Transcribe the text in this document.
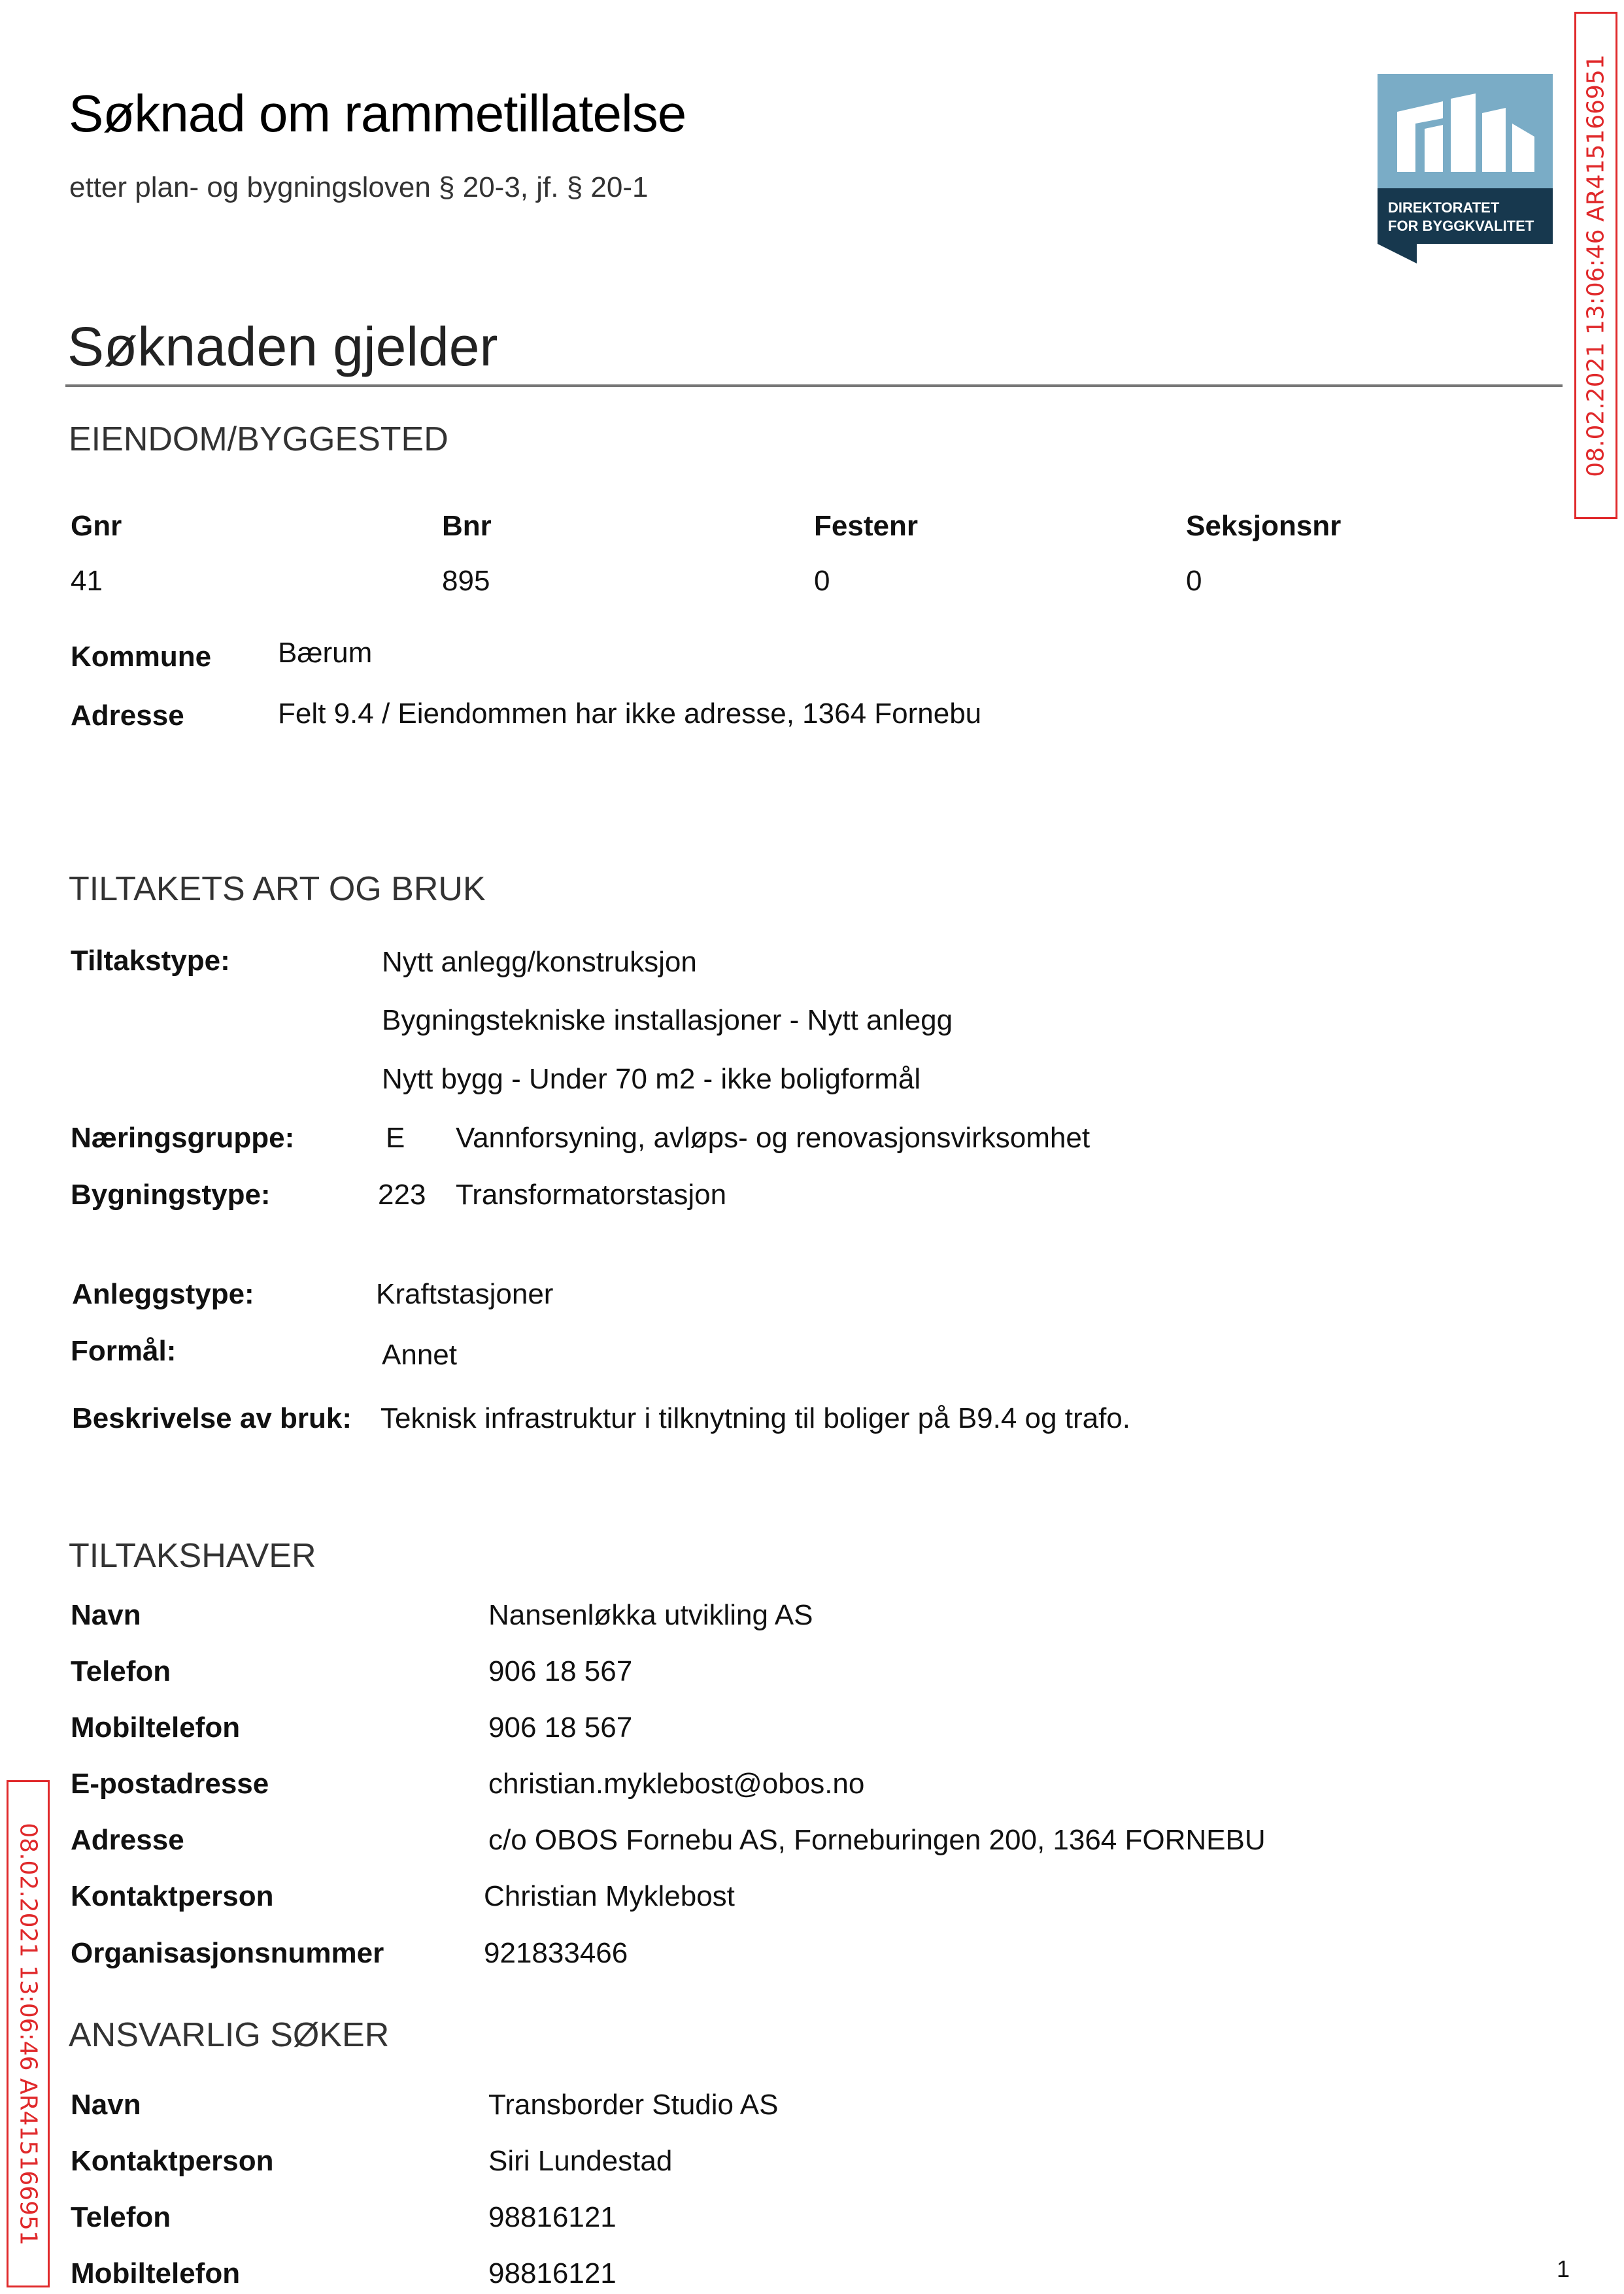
Søknad om rammetillatelse
etter plan- og bygningsloven § 20-3, jf. § 20-1
DIREKTORATET
FOR BYGGKVALITET 08.02.2021 13:06:46 AR415166951
08.02.2021 13:06:46 AR415166951
Søknaden gjelder
EIENDOM/BYGGESTED
Gnr	Bnr	Festenr	Seksjonsnr
41	895	0	0
Kommune Bærum
Adresse	Felt 9.4 / Eiendommen har ikke adresse, 1364 Fornebu
TILTAKETS ART OG BRUK
Tiltakstype:	Nytt anlegg/konstruksjon
Bygningstekniske installasjoner - Nytt anlegg
Nytt bygg - Under 70 m2 - ikke boligformål
Næringsgruppe:	E Vannforsyning, avløps- og renovasjonsvirksomhet
Bygningstype:	223 Transformatorstasjon
Anleggstype:	Kraftstasjoner
Formål:	Annet
Beskrivelse av bruk: Teknisk infrastruktur i tilknytning til boliger på B9.4 og trafo.
TILTAKSHAVER
Navn	Nansenløkka utvikling AS
Telefon	906 18 567
Mobiltelefon	906 18 567
E-postadresse	christian.myklebost@obos.no
Adresse	c/o OBOS Fornebu AS, Forneburingen 200, 1364 FORNEBU
Kontaktperson	Christian Myklebost
Organisasjonsnummer	921833466
ANSVARLIG SØKER
Navn	Transborder Studio AS
Kontaktperson	Siri Lundestad
Telefon	98816121
Mobiltelefon	98816121	1
